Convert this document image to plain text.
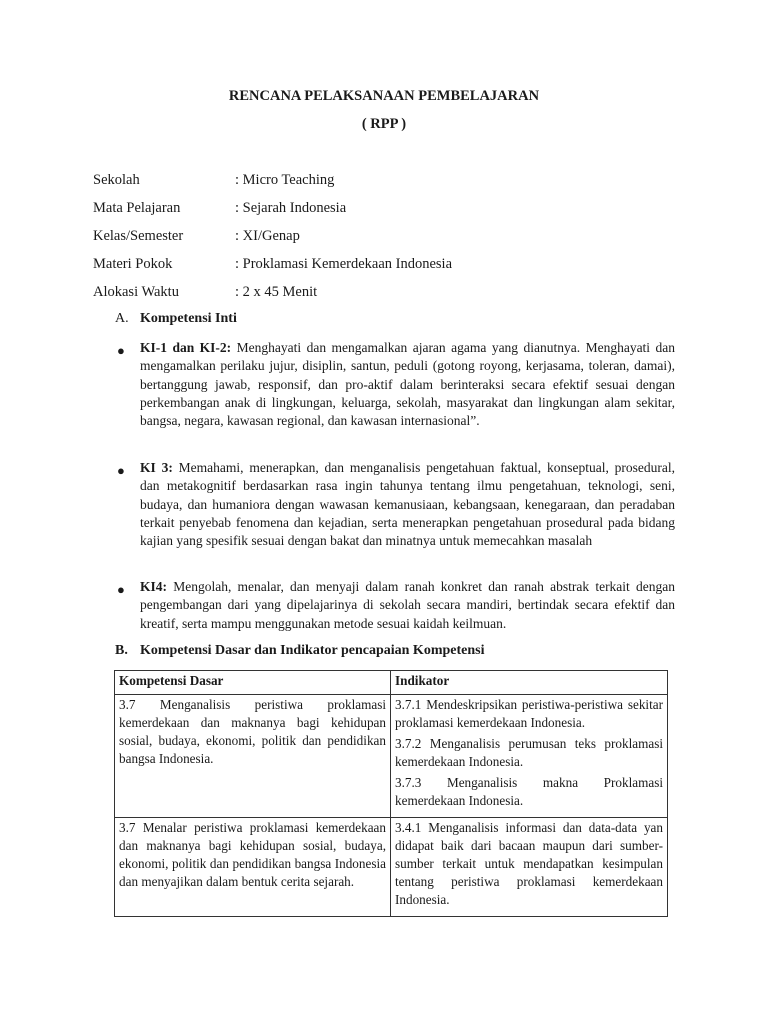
RENCANA PELAKSANAAN PEMBELAJARAN
( RPP )
Sekolah	: Micro Teaching
Mata Pelajaran	: Sejarah Indonesia
Kelas/Semester	: XI/Genap
Materi Pokok	: Proklamasi Kemerdekaan Indonesia
Alokasi Waktu	: 2 x 45 Menit
A. Kompetensi Inti
● KI-1 dan KI-2: Menghayati dan mengamalkan ajaran agama yang dianutnya. Menghayati dan mengamalkan perilaku jujur, disiplin, santun, peduli (gotong royong, kerjasama, toleran, damai), bertanggung jawab, responsif, dan pro-aktif dalam berinteraksi secara efektif sesuai dengan perkembangan anak di lingkungan, keluarga, sekolah, masyarakat dan lingkungan alam sekitar, bangsa, negara, kawasan regional, dan kawasan internasional”.
● KI 3: Memahami, menerapkan, dan menganalisis pengetahuan faktual, konseptual, prosedural, dan metakognitif berdasarkan rasa ingin tahunya tentang ilmu pengetahuan, teknologi, seni, budaya, dan humaniora dengan wawasan kemanusiaan, kebangsaan, kenegaraan, dan peradaban terkait penyebab fenomena dan kejadian, serta menerapkan pengetahuan prosedural pada bidang kajian yang spesifik sesuai dengan bakat dan minatnya untuk memecahkan masalah
● KI4: Mengolah, menalar, dan menyaji dalam ranah konkret dan ranah abstrak terkait dengan pengembangan dari yang dipelajarinya di sekolah secara mandiri, bertindak secara efektif dan kreatif, serta mampu menggunakan metode sesuai kaidah keilmuan.
B. Kompetensi Dasar dan Indikator pencapaian Kompetensi
Kompetensi Dasar	Indikator
3.7 Menganalisis peristiwa proklamasi kemerdekaan dan maknanya bagi kehidupan sosial, budaya, ekonomi, politik dan pendidikan bangsa Indonesia.	3.7.1 Mendeskripsikan peristiwa-peristiwa sekitar proklamasi kemerdekaan Indonesia.
3.7.2 Menganalisis perumusan teks proklamasi kemerdekaan Indonesia.
3.7.3 Menganalisis makna Proklamasi kemerdekaan Indonesia.

3.7 Menalar peristiwa proklamasi kemerdekaan dan maknanya bagi kehidupan sosial, budaya, ekonomi, politik dan pendidikan bangsa Indonesia dan menyajikan dalam bentuk cerita sejarah.	3.4.1 Menganalisis informasi dan data-data yan didapat baik dari bacaan maupun dari sumber-sumber terkait untuk mendapatkan kesimpulan tentang peristiwa proklamasi kemerdekaan Indonesia.
